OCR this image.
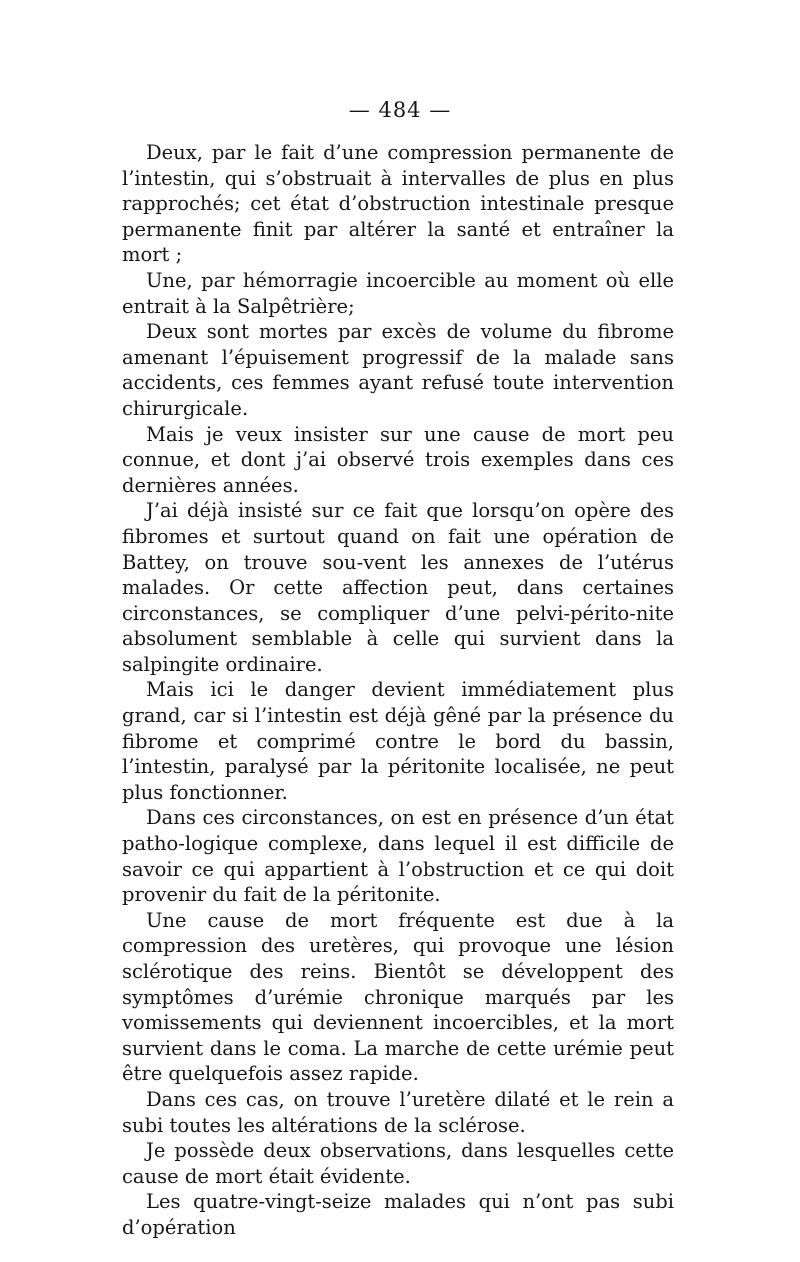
— 484 —

Deux, par le fait d’une compression permanente de l’intestin, qui s’obstruait à intervalles de plus en plus rapprochés; cet état d’obstruction intestinale presque permanente finit par altérer la santé et entraîner la mort ;

Une, par hémorragie incoercible au moment où elle entrait à la Salpêtrière;

Deux sont mortes par excès de volume du fibrome amenant l’épuisement progressif de la malade sans accidents, ces femmes ayant refusé toute intervention chirurgicale.

Mais je veux insister sur une cause de mort peu connue, et dont j’ai observé trois exemples dans ces dernières années.

J’ai déjà insisté sur ce fait que lorsqu’on opère des fibromes et surtout quand on fait une opération de Battey, on trouve sou-vent les annexes de l’utérus malades. Or cette affection peut, dans certaines circonstances, se compliquer d’une pelvi-périto-nite absolument semblable à celle qui survient dans la salpingite ordinaire.

Mais ici le danger devient immédiatement plus grand, car si l’intestin est déjà gêné par la présence du fibrome et comprimé contre le bord du bassin, l’intestin, paralysé par la péritonite localisée, ne peut plus fonctionner.

Dans ces circonstances, on est en présence d’un état patho-logique complexe, dans lequel il est difficile de savoir ce qui appartient à l’obstruction et ce qui doit provenir du fait de la péritonite.

Une cause de mort fréquente est due à la compression des uretères, qui provoque une lésion sclérotique des reins. Bientôt se développent des symptômes d’urémie chronique marqués par les vomissements qui deviennent incoercibles, et la mort survient dans le coma. La marche de cette urémie peut être quelquefois assez rapide.

Dans ces cas, on trouve l’uretère dilaté et le rein a subi toutes les altérations de la sclérose.

Je possède deux observations, dans lesquelles cette cause de mort était évidente.

Les quatre-vingt-seize malades qui n’ont pas subi d’opération
